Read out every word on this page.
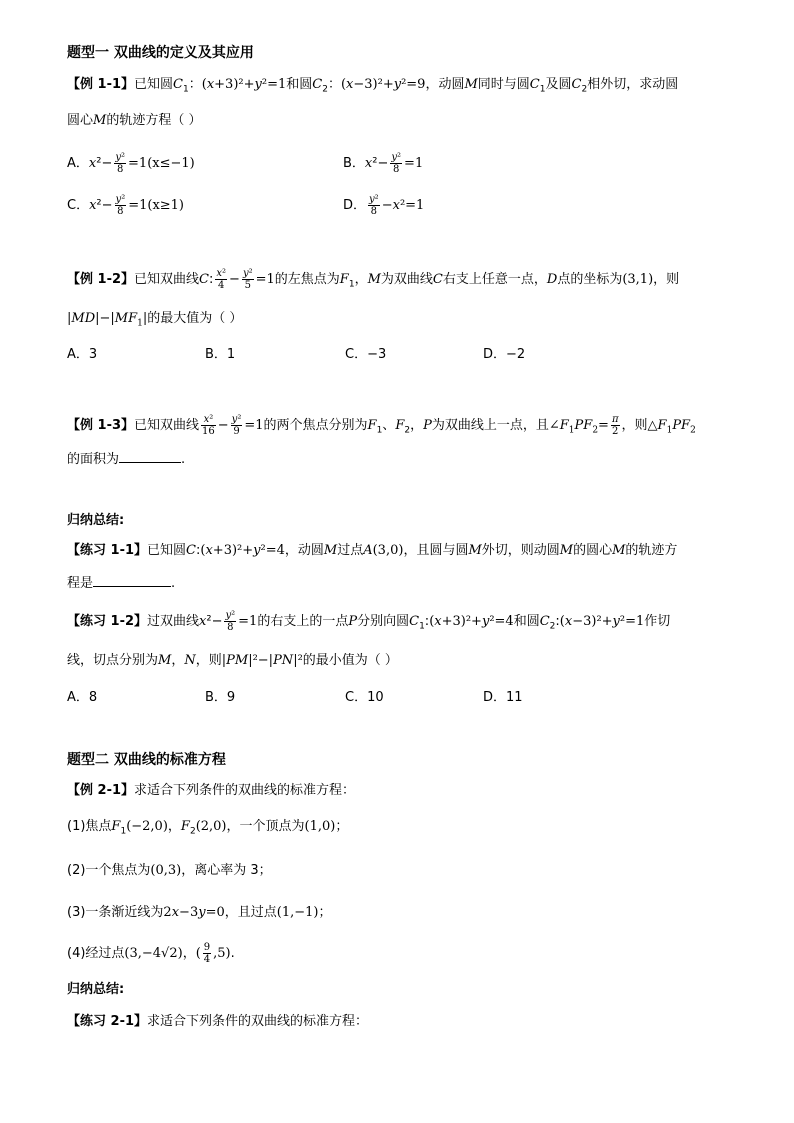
题型一 双曲线的定义及其应用
【例 1-1】已知圆$C_1$：(x+3)²+y²=1和圆$C_2$：(x−3)²+y²=9，动圆M同时与圆$C_1$及圆$C_2$相外切，求动圆
圆心M的轨迹方程（ ）
A．$x^2- \frac{\text{y²}}{8} =1(x\le-1)$	B．$x^2- \frac{\text{y²}}{8} =1$
C．$x^2- \frac{\text{y²}}{8} =1(x\ge 1)$	D． $\frac{\text{y²}}{8} -x^2=1$
【例 1-2】已知双曲线C: $\frac{\text{x²}}{4} - \frac{\text{y²}}{5} =1$的左焦点为$F_1$，M为双曲线C右支上任意一点，D点的坐标为(3,1)，则
$|MD|-|MF_1|$的最大值为（ ）
A．3	B．1	C．−3	D．−2
【例 1-3】已知双曲线 $\frac{\text{x²}}{16} - \frac{\text{y²}}{9} =1$的两个焦点分别为$F_1$、$F_2$，P为双曲线上一点，且$\angle F_1PF_2= \frac{\pi}{2}$ ，则$\triangle F_1PF_2$
的面积为	.
归纳总结:
【练习 1-1】已知圆C:(x+3)²+y²=4，动圆M过点A(3,0)，且圆与圆M外切，则动圆M的圆心M的轨迹方
程是	.
【练习 1-2】过双曲线$x^2- \frac{\text{y²}}{8} =1$的右支上的一点P分别向圆$C_1:(x+3)^2+y^2=4$和圆$C_2:(x-3)^2+y^2=1$作切
线，切点分别为M，N，则|PM|²−|PN|²的最小值为（ ）
A．8	B．9	C．10	D．11
题型二 双曲线的标准方程
【例 2-1】求适合下列条件的双曲线的标准方程：
(1)焦点$F_1(-2,0)$，$F_2(2,0)$，一个顶点为(1,0)；
(2)一个焦点为(0,3)，离心率为 3；
(3)一条渐近线为2x−3y=0，且过点(1,−1)；
(4)经过点(3,−4√2)，( $\frac{9}{4} ,5$).
归纳总结:
【练习 2-1】求适合下列条件的双曲线的标准方程：
